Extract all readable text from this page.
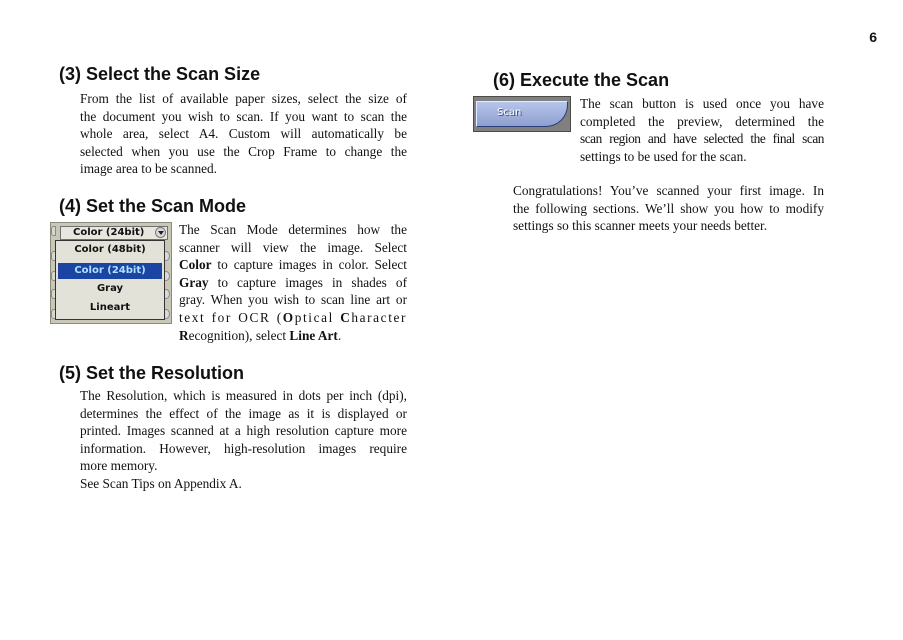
6
(3) Select the Scan Size
From the list of available paper sizes, select the size of
the document you wish to scan. If you want to scan the
whole area, select A4. Custom will automatically be
selected when you use the Crop Frame to change the
image area to be scanned.
(4) Set the Scan Mode
Color (24bit)
Color (48bit)
Color (24bit)
Gray
Lineart
The Scan Mode determines how the
scanner will view the image. Select
Color to capture images in color. Select
Gray to capture images in shades of
gray. When you wish to scan line art or
text for OCR (Optical Character
Recognition), select Line Art.
(5) Set the Resolution
The Resolution, which is measured in dots per inch (dpi),
determines the effect of the image as it is displayed or
printed. Images scanned at a high resolution capture more
information. However, high-resolution images require
more memory.
See Scan Tips on Appendix A.
(6) Execute the Scan
Scan
The scan button is used once you have
completed the preview, determined the
scan region and have selected the final scan
settings to be used for the scan.
Congratulations! You’ve scanned your first image. In
the following sections. We’ll show you how to modify
settings so this scanner meets your needs better.
